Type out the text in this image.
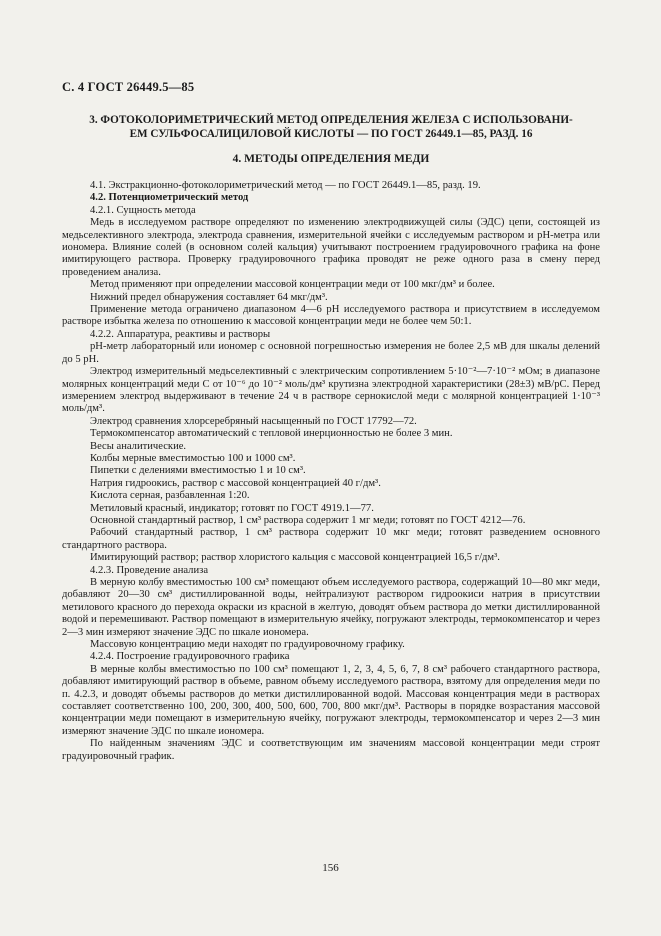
С. 4 ГОСТ 26449.5—85
3. ФОТОКОЛОРИМЕТРИЧЕСКИЙ МЕТОД ОПРЕДЕЛЕНИЯ ЖЕЛЕЗА С ИСПОЛЬЗОВАНИ-
ЕМ СУЛЬФОСАЛИЦИЛОВОЙ КИСЛОТЫ — ПО ГОСТ 26449.1—85, РАЗД. 16
4. МЕТОДЫ ОПРЕДЕЛЕНИЯ МЕДИ

4.1. Экстракционно-фотоколориметрический метод — по ГОСТ 26449.1—85, разд. 19.

4.2. Потенциометрический метод

4.2.1. Сущность метода

Медь в исследуемом растворе определяют по изменению электродвижущей силы (ЭДС) цепи, состоящей из медьселективного электрода, электрода сравнения, измерительной ячейки с исследуемым раствором и pH-метра или иономера. Влияние солей (в основном солей кальция) учитывают построением градуировочного графика на фоне имитирующего раствора. Проверку градуировочного графика проводят не реже одного раза в смену перед проведением анализа.

Метод применяют при определении массовой концентрации меди от 100 мкг/дм³ и более.

Нижний предел обнаружения составляет 64 мкг/дм³.

Применение метода ограничено диапазоном 4—6 pH исследуемого раствора и присутствием в исследуемом растворе избытка железа по отношению к массовой концентрации меди не более чем 50:1.

4.2.2. Аппаратура, реактивы и растворы

pH-метр лабораторный или иономер с основной погрешностью измерения не более 2,5 мВ для шкалы делений до 5 pH.

Электрод измерительный медьселективный с электрическим сопротивлением 5·10⁻²—7·10⁻² мОм; в диапазоне молярных концентраций меди C от 10⁻⁶ до 10⁻² моль/дм³ крутизна электродной характеристики (28±3) мВ/pC. Перед измерением электрод выдерживают в течение 24 ч в растворе сернокислой меди с молярной концентрацией 1·10⁻³ моль/дм³.

Электрод сравнения хлорсеребряный насыщенный по ГОСТ 17792—72.

Термокомпенсатор автоматический с тепловой инерционностью не более 3 мин.

Весы аналитические.

Колбы мерные вместимостью 100 и 1000 см³.

Пипетки с делениями вместимостью 1 и 10 см³.

Натрия гидроокись, раствор с массовой концентрацией 40 г/дм³.

Кислота серная, разбавленная 1:20.

Метиловый красный, индикатор; готовят по ГОСТ 4919.1—77.

Основной стандартный раствор, 1 см³ раствора содержит 1 мг меди; готовят по ГОСТ 4212—76.

Рабочий стандартный раствор, 1 см³ раствора содержит 10 мкг меди; готовят разведением основного стандартного раствора.

Имитирующий раствор; раствор хлористого кальция с массовой концентрацией 16,5 г/дм³.

4.2.3. Проведение анализа

В мерную колбу вместимостью 100 см³ помещают объем исследуемого раствора, содержащий 10—80 мкг меди, добавляют 20—30 см³ дистиллированной воды, нейтрализуют раствором гидроокиси натрия в присутствии метилового красного до перехода окраски из красной в желтую, доводят объем раствора до метки дистиллированной водой и перемешивают. Раствор помещают в измерительную ячейку, погружают электроды, термокомпенсатор и через 2—3 мин измеряют значение ЭДС по шкале иономера.

Массовую концентрацию меди находят по градуировочному графику.

4.2.4. Построение градуировочного графика

В мерные колбы вместимостью по 100 см³ помещают 1, 2, 3, 4, 5, 6, 7, 8 см³ рабочего стандартного раствора, добавляют имитирующий раствор в объеме, равном объему исследуемого раствора, взятому для определения меди по п. 4.2.3, и доводят объемы растворов до метки дистиллированной водой. Массовая концентрация меди в растворах составляет соответственно 100, 200, 300, 400, 500, 600, 700, 800 мкг/дм³. Растворы в порядке возрастания массовой концентрации меди помещают в измерительную ячейку, погружают электроды, термокомпенсатор и через 2—3 мин измеряют значение ЭДС по шкале иономера.

По найденным значениям ЭДС и соответствующим им значениям массовой концентрации меди строят градуировочный график.

156
